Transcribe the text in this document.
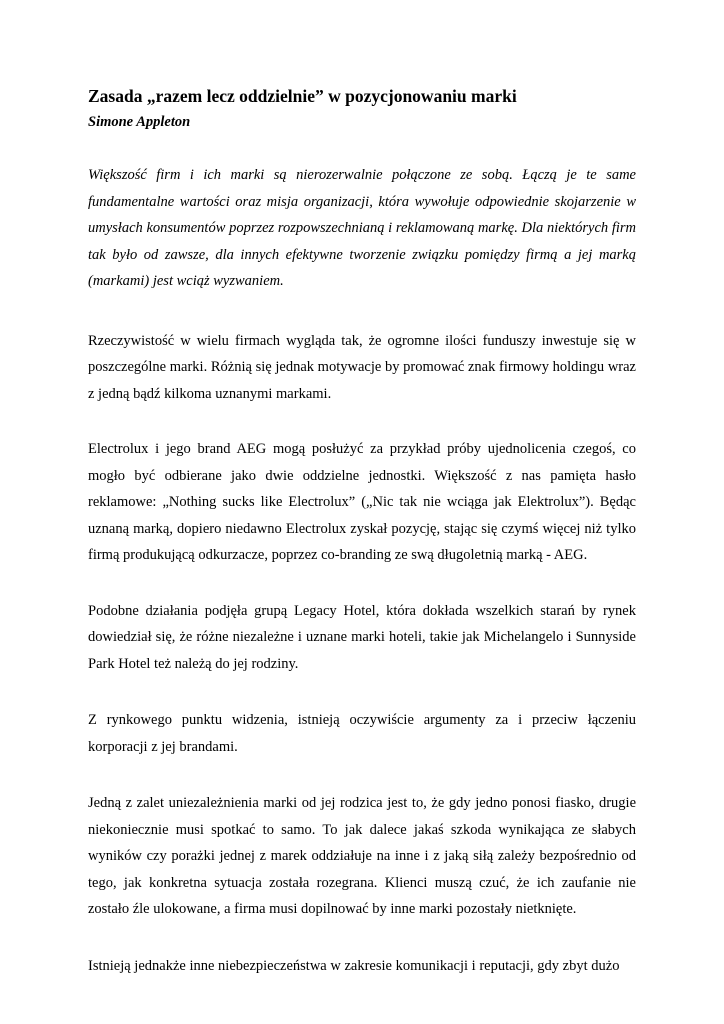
Zasada „razem lecz oddzielnie” w pozycjonowaniu marki
Simone Appleton

Większość firm i ich marki są nierozerwalnie połączone ze sobą. Łączą je te same fundamentalne wartości oraz misja organizacji, która wywołuje odpowiednie skojarzenie w umysłach konsumentów poprzez rozpowszechnianą i reklamowaną markę. Dla niektórych firm tak było od zawsze, dla innych efektywne tworzenie związku pomiędzy firmą a jej marką (markami) jest wciąż wyzwaniem.

Rzeczywistość w wielu firmach wygląda tak, że ogromne ilości funduszy inwestuje się w poszczególne marki. Różnią się jednak motywacje by promować znak firmowy holdingu wraz z jedną bądź kilkoma uznanymi markami.

Electrolux i jego brand AEG mogą posłużyć za przykład próby ujednolicenia czegoś, co mogło być odbierane jako dwie oddzielne jednostki. Większość z nas pamięta hasło reklamowe: „Nothing sucks like Electrolux” („Nic tak nie wciąga jak Elektrolux”). Będąc uznaną marką, dopiero niedawno Electrolux zyskał pozycję, stając się czymś więcej niż tylko firmą produkującą odkurzacze, poprzez co-branding ze swą długoletnią marką - AEG.

Podobne działania podjęła grupą Legacy Hotel, która dokłada wszelkich starań by rynek dowiedział się, że różne niezależne i uznane marki hoteli, takie jak Michelangelo i Sunnyside Park Hotel też należą do jej rodziny.

Z rynkowego punktu widzenia, istnieją oczywiście argumenty za i przeciw łączeniu korporacji z jej brandami.

Jedną z zalet uniezależnienia marki od jej rodzica jest to, że gdy jedno ponosi fiasko, drugie niekoniecznie musi spotkać to samo. To jak dalece jakaś szkoda wynikająca ze słabych wyników czy porażki jednej z marek oddziałuje na inne i z jaką siłą zależy bezpośrednio od tego, jak konkretna sytuacja została rozegrana. Klienci muszą czuć, że ich zaufanie nie zostało źle ulokowane, a firma musi dopilnować by inne marki pozostały nietknięte.

Istnieją jednakże inne niebezpieczeństwa w zakresie komunikacji i reputacji, gdy zbyt dużo
